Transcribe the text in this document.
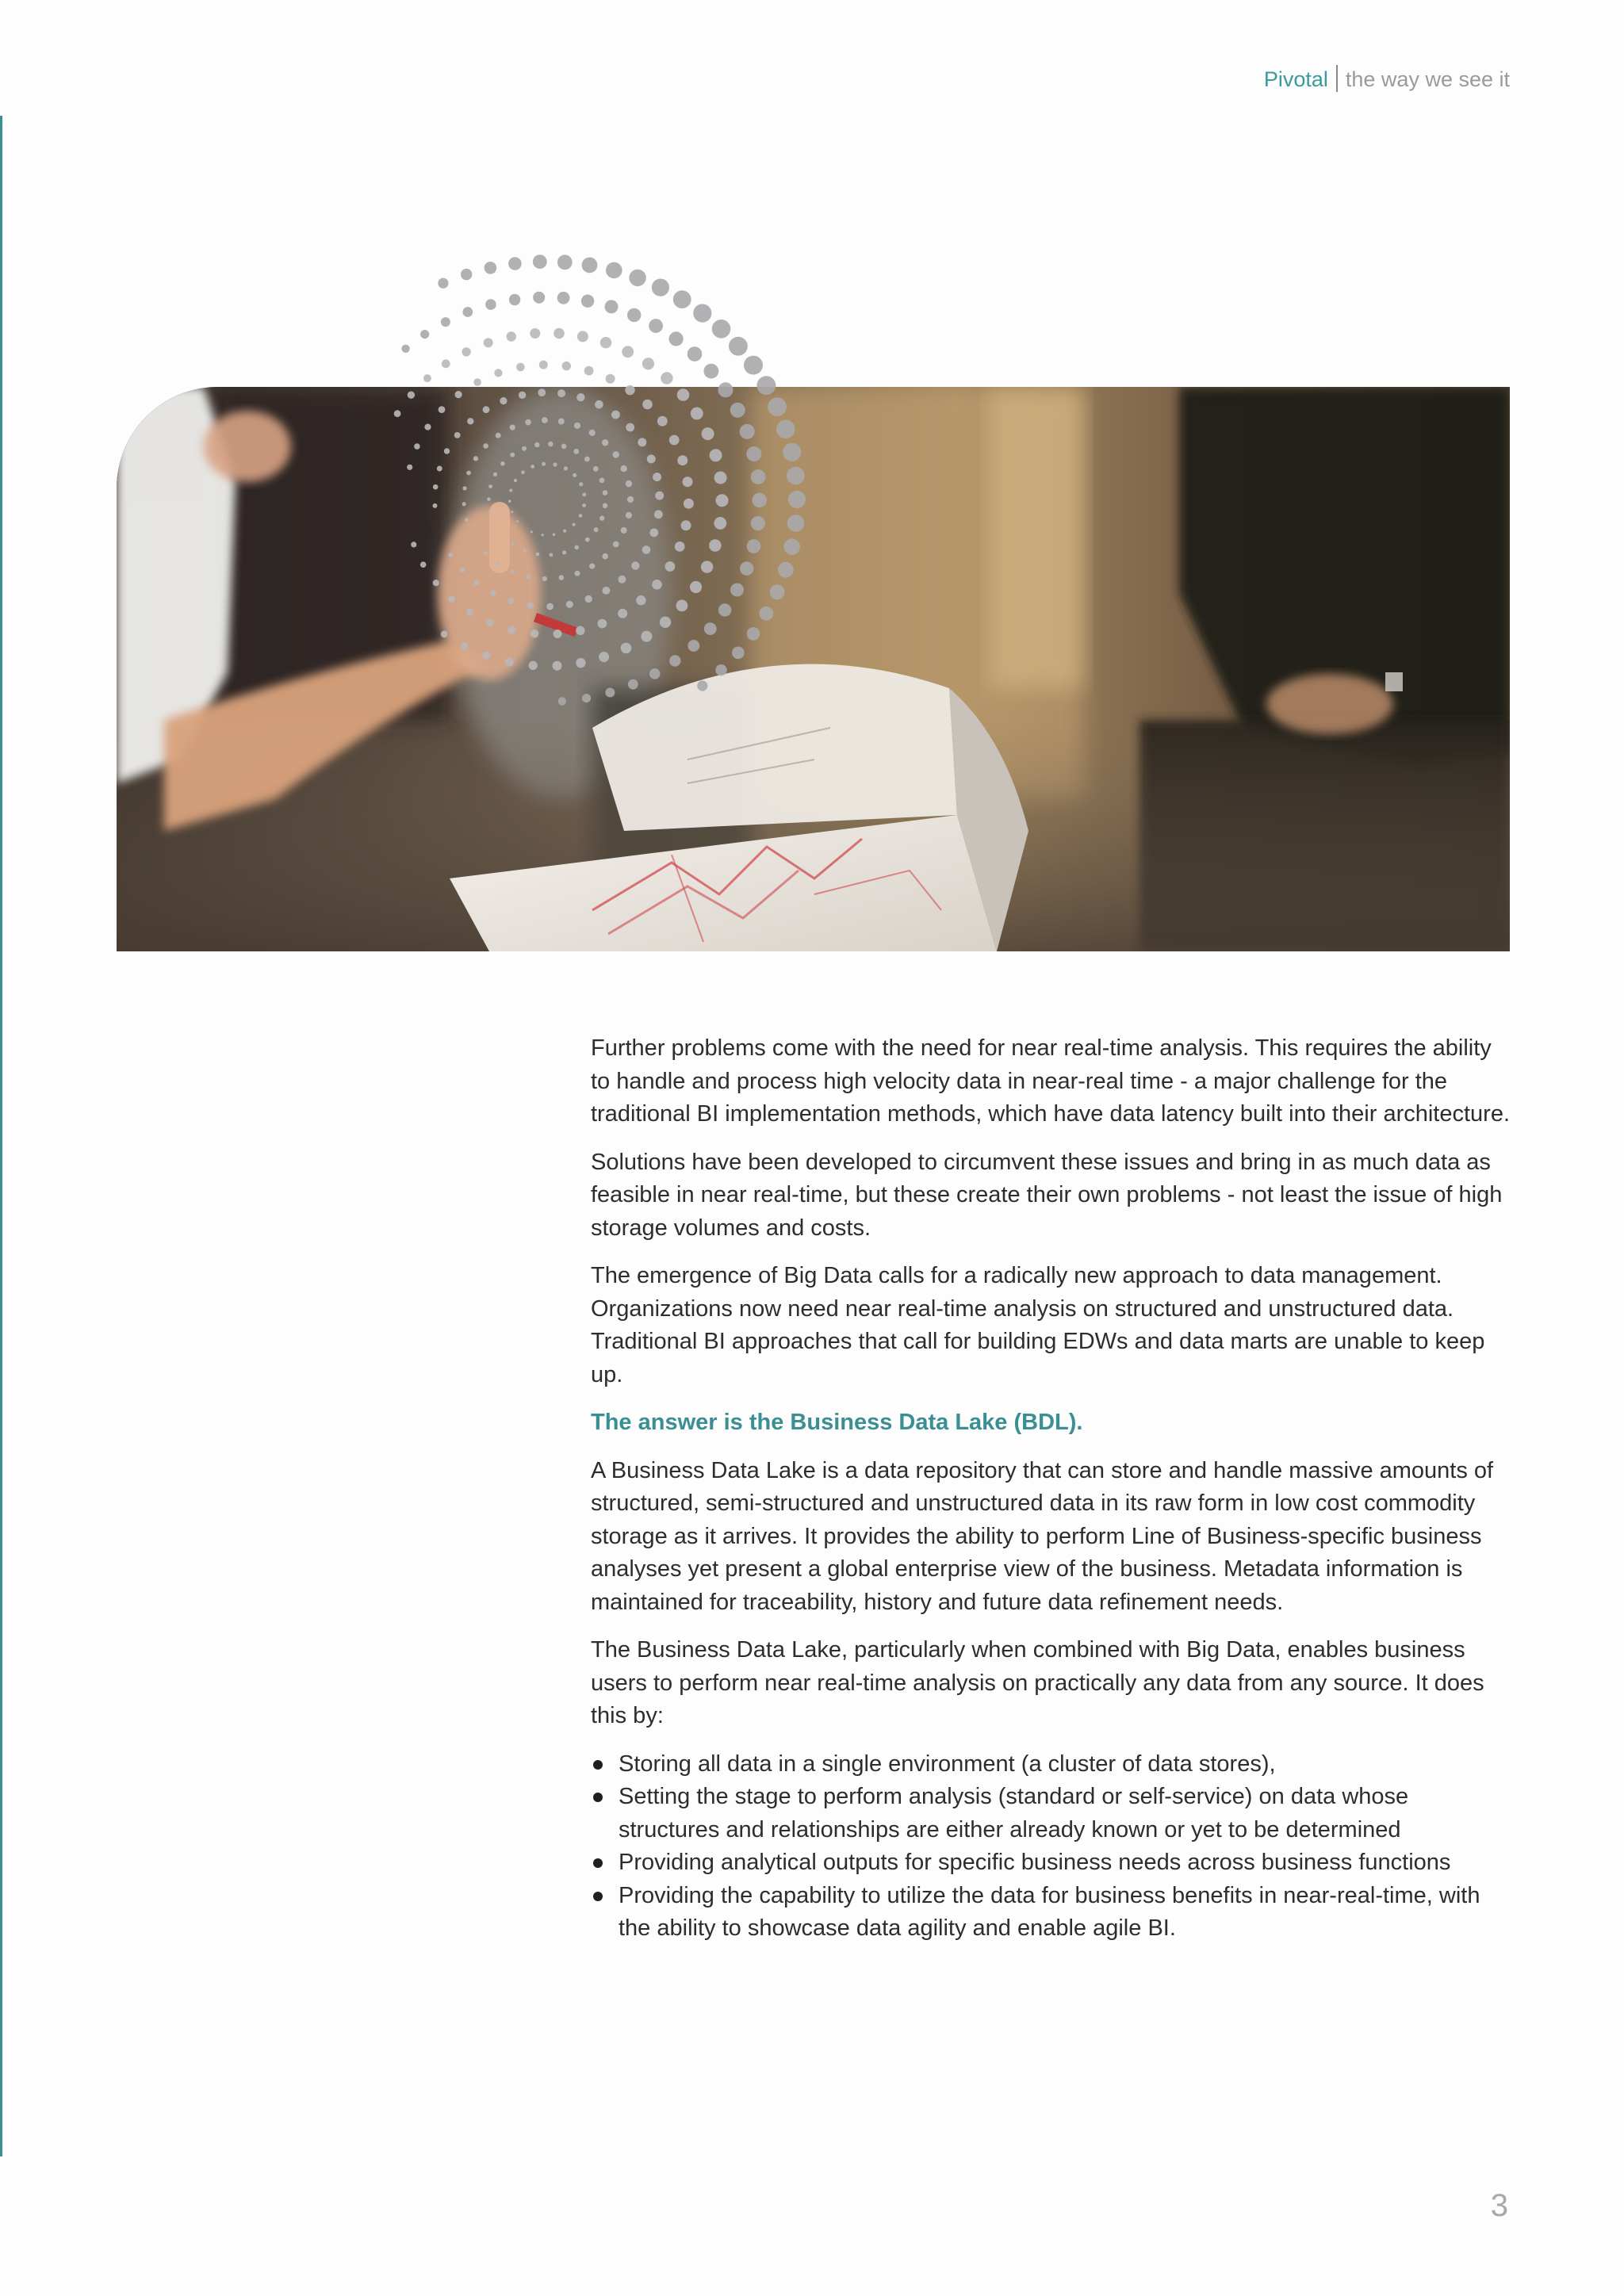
Pivotal the way we see it

Further problems come with the need for near real-time analysis. This requires the ability to handle and process high velocity data in near-real time - a major challenge for the traditional BI implementation methods, which have data latency built into their architecture.

Solutions have been developed to circumvent these issues and bring in as much data as feasible in near real-time, but these create their own problems - not least the issue of high storage volumes and costs.

The emergence of Big Data calls for a radically new approach to data management. Organizations now need near real-time analysis on structured and unstructured data. Traditional BI approaches that call for building EDWs and data marts are unable to keep up.

The answer is the Business Data Lake (BDL).

A Business Data Lake is a data repository that can store and handle massive amounts of structured, semi-structured and unstructured data in its raw form in low cost commodity storage as it arrives. It provides the ability to perform Line of Business-specific business analyses yet present a global enterprise view of the business. Metadata information is maintained for traceability, history and future data refinement needs.

The Business Data Lake, particularly when combined with Big Data, enables business users to perform near real-time analysis on practically any data from any source. It does this by:

Storing all data in a single environment (a cluster of data stores),
Setting the stage to perform analysis (standard or self-service) on data whose structures and relationships are either already known or yet to be determined
Providing analytical outputs for specific business needs across business functions
Providing the capability to utilize the data for business benefits in near-real-time, with the ability to showcase data agility and enable agile BI.
3
